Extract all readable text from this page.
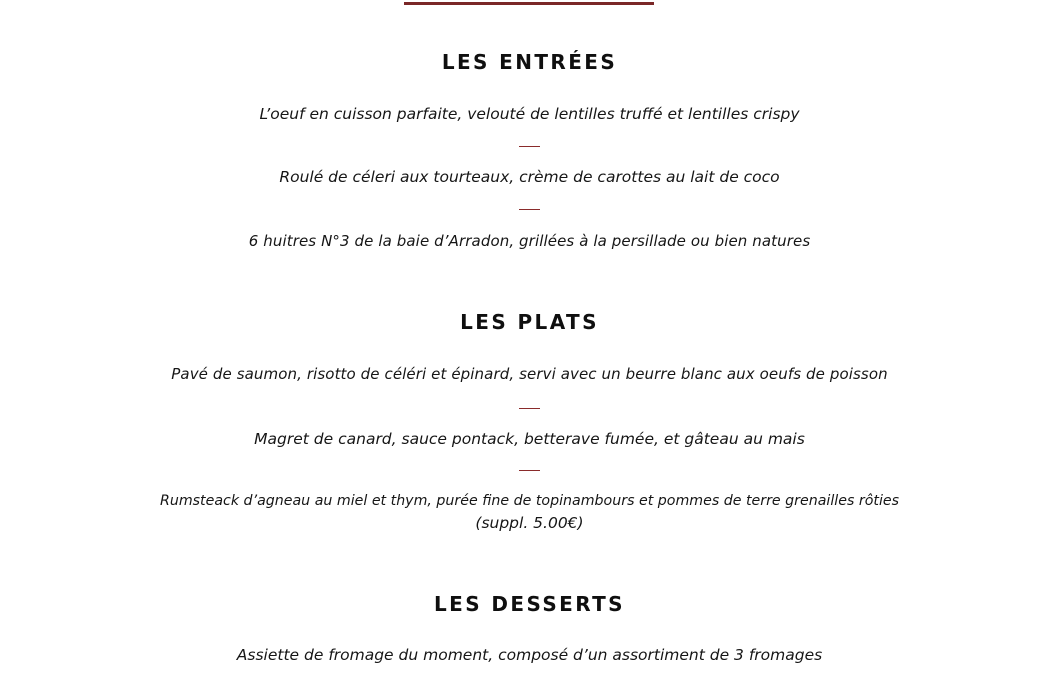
LES ENTRÉES

L’oeuf en cuisson parfaite, velouté de lentilles truffé et lentilles crispy

Roulé de céleri aux tourteaux, crème de carottes au lait de coco

6 huitres N°3 de la baie d’Arradon, grillées à la persillade ou bien natures

LES PLATS

Pavé de saumon, risotto de céléri et épinard, servi avec un beurre blanc aux oeufs de poisson

Magret de canard, sauce pontack, betterave fumée, et gâteau au mais

Rumsteack d’agneau au miel et thym, purée fine de topinambours et pommes de terre grenailles rôties

(suppl. 5.00€)

LES DESSERTS

Assiette de fromage du moment, composé d’un assortiment de 3 fromages
